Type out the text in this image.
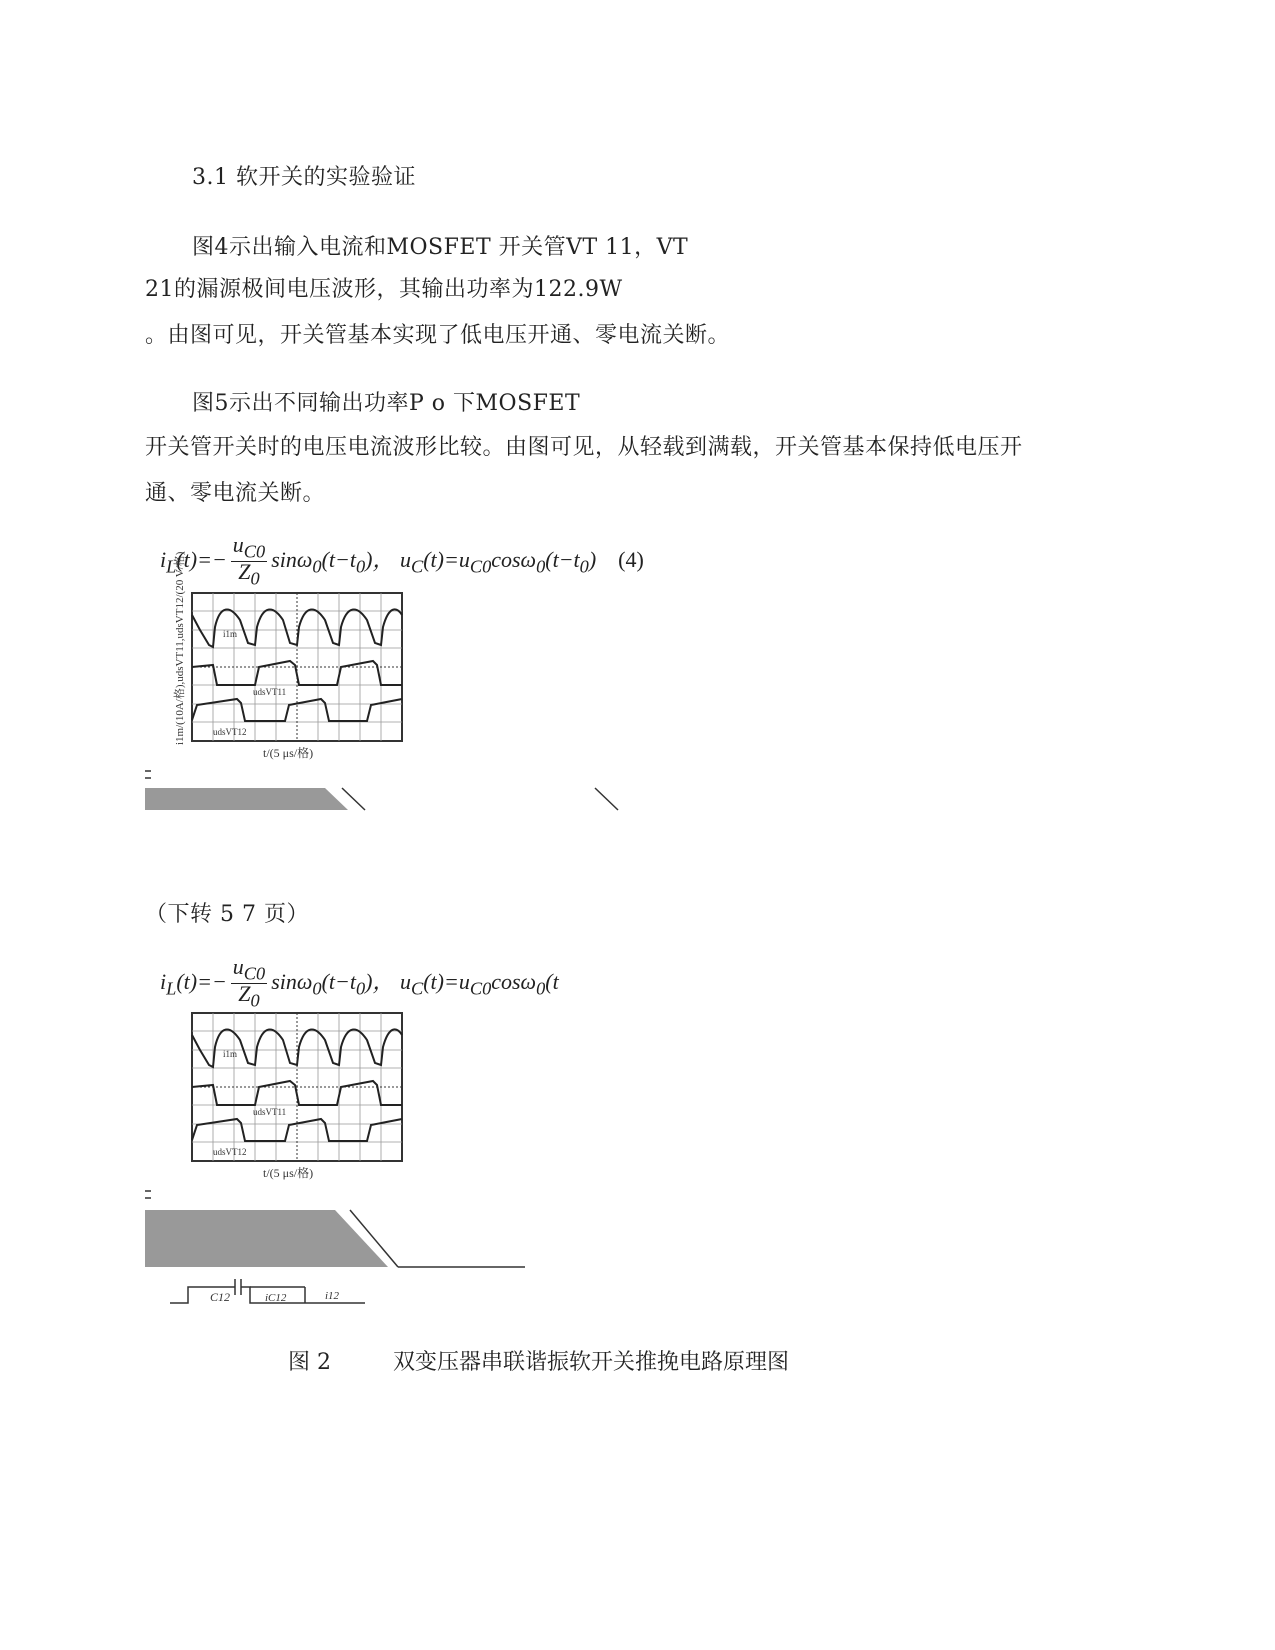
3.1 软开关的实验验证
图4示出输入电流和MOSFET 开关管VT 11，VT
21的漏源极间电压波形，其输出功率为122.9W
。由图可见，开关管基本实现了低电压开通、零电流关断。
图5示出不同输出功率P o 下MOSFET
开关管开关时的电压电流波形比较。由图可见，从轻载到满载，开关管基本保持低电压开
通、零电流关断。
$i_L(t)=- \frac{u_{C0}}{Z_0} \sin\omega_0(t-t_0)$， $u_C(t)=u_{C0}\cos\omega_0(t-t_0)$    (4)
i1m/(10A/格),udsVT11,udsVT12/(20 V/格)	i1m
udsVT11
udsVT12
t/(5 μs/格)
（下转 5 7 页）
$i_L(t)=- \frac{u_{C0}}{Z_0} \sin\omega_0(t-t_0)$， $u_C(t)=u_{C0}\cos\omega_0(t$
i1m
udsVT11
udsVT12
t/(5 μs/格)
C12	iC12	i12
图 2	双变压器串联谐振软开关推挽电路原理图
